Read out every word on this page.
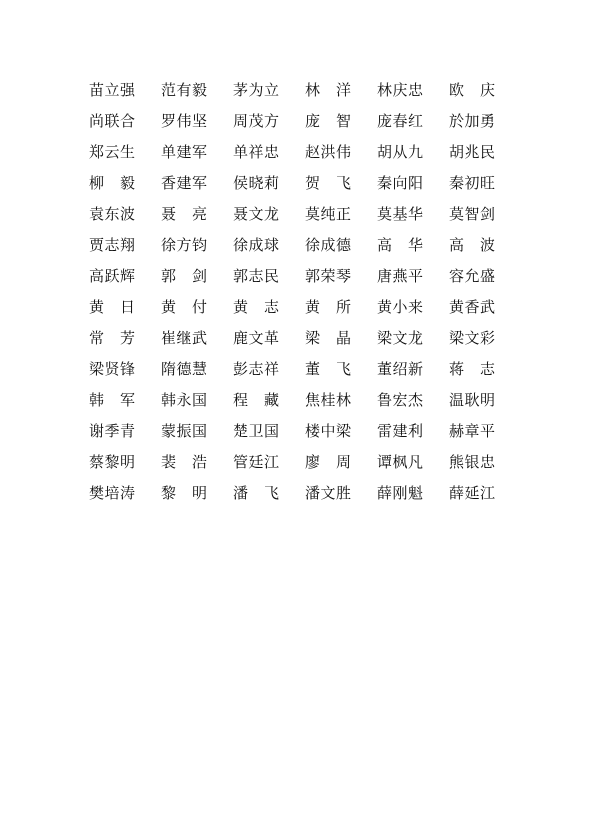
苗立强	范有毅	茅为立	林　洋	林庆忠	欧　庆
尚联合	罗伟坚	周茂方	庞　智	庞春红	於加勇
郑云生	单建军	单祥忠	赵洪伟	胡从九	胡兆民
柳　毅	香建军	侯晓莉	贺　飞	秦向阳	秦初旺
袁东波	聂　亮	聂文龙	莫纯正	莫基华	莫智剑
贾志翔	徐方钧	徐成球	徐成德	高　华	高　波
高跃辉	郭　剑	郭志民	郭荣琴	唐燕平	容允盛
黄　日	黄　付	黄　志	黄　所	黄小来	黄香武
常　芳	崔继武	鹿文革	梁　晶	梁文龙	梁文彩
梁贤锋	隋德慧	彭志祥	董　飞	董绍新	蒋　志
韩　军	韩永国	程　藏	焦桂林	鲁宏杰	温耿明
谢季青	蒙振国	楚卫国	楼中梁	雷建利	赫章平
蔡黎明	裴　浩	管廷江	廖　周	谭枫凡	熊银忠
樊培涛	黎　明	潘　飞	潘文胜	薛刚魁	薛延江
